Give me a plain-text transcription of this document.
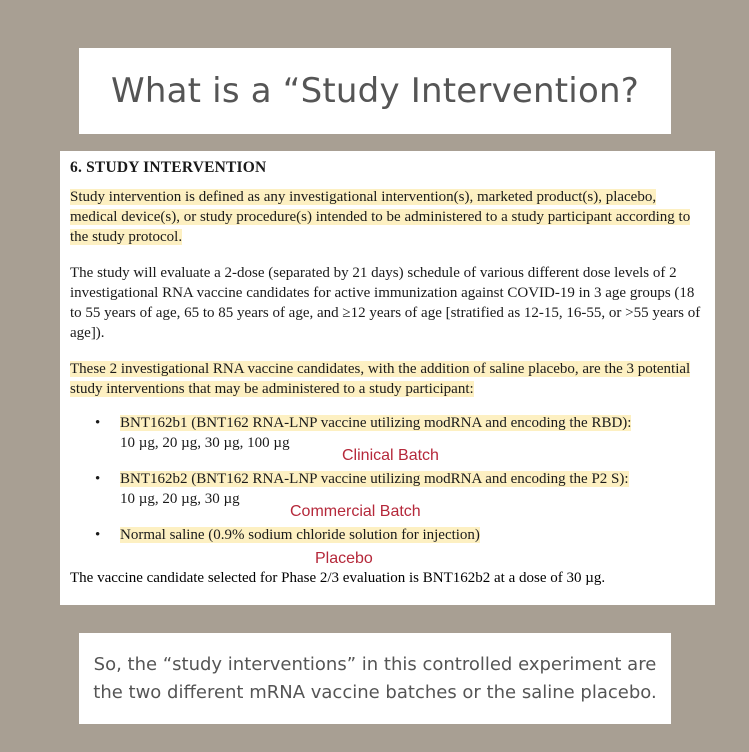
What is a “Study Intervention?

6. STUDY INTERVENTION

Study intervention is defined as any investigational intervention(s), marketed product(s), placebo, medical device(s), or study procedure(s) intended to be administered to a study participant according to the study protocol.

The study will evaluate a 2-dose (separated by 21 days) schedule of various different dose levels of 2 investigational RNA vaccine candidates for active immunization against COVID-19 in 3 age groups (18 to 55 years of age, 65 to 85 years of age, and ≥12 years of age [stratified as 12-15, 16-55, or >55 years of age]).

These 2 investigational RNA vaccine candidates, with the addition of saline placebo, are the 3 potential study interventions that may be administered to a study participant:

• BNT162b1 (BNT162 RNA-LNP vaccine utilizing modRNA and encoding the RBD):
10 µg, 20 µg, 30 µg, 100 µg
• BNT162b2 (BNT162 RNA-LNP vaccine utilizing modRNA and encoding the P2 S):
10 µg, 20 µg, 30 µg
• Normal saline (0.9% sodium chloride solution for injection)
Clinical Batch
Commercial Batch
Placebo

The vaccine candidate selected for Phase 2/3 evaluation is BNT162b2 at a dose of 30 µg.

So, the “study interventions” in this controlled experiment are
the two different mRNA vaccine batches or the saline placebo.
